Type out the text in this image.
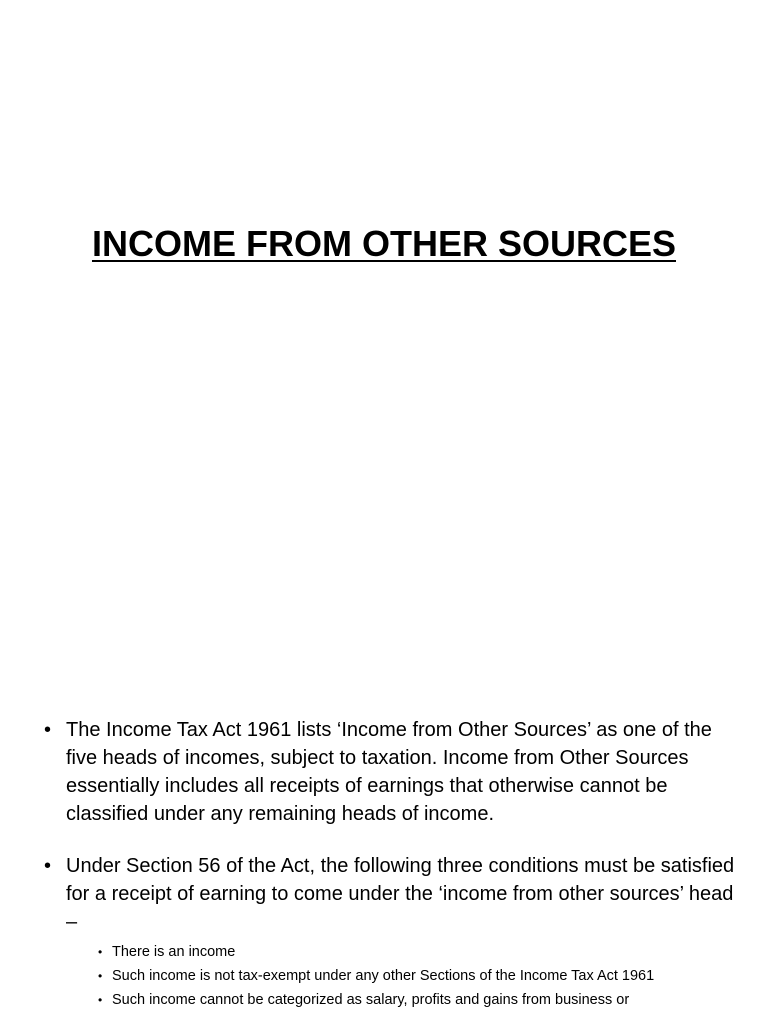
INCOME FROM OTHER SOURCES
• The Income Tax Act 1961 lists ‘Income from Other Sources’ as one of the five heads of incomes, subject to taxation. Income from Other Sources essentially includes all receipts of earnings that otherwise cannot be classified under any remaining heads of income.
• Under Section 56 of the Act, the following three conditions must be satisfied for a receipt of earning to come under the ‘income from other sources’ head –
• There is an income
• Such income is not tax-exempt under any other Sections of the Income Tax Act 1961
• Such income cannot be categorized as salary, profits and gains from business or
